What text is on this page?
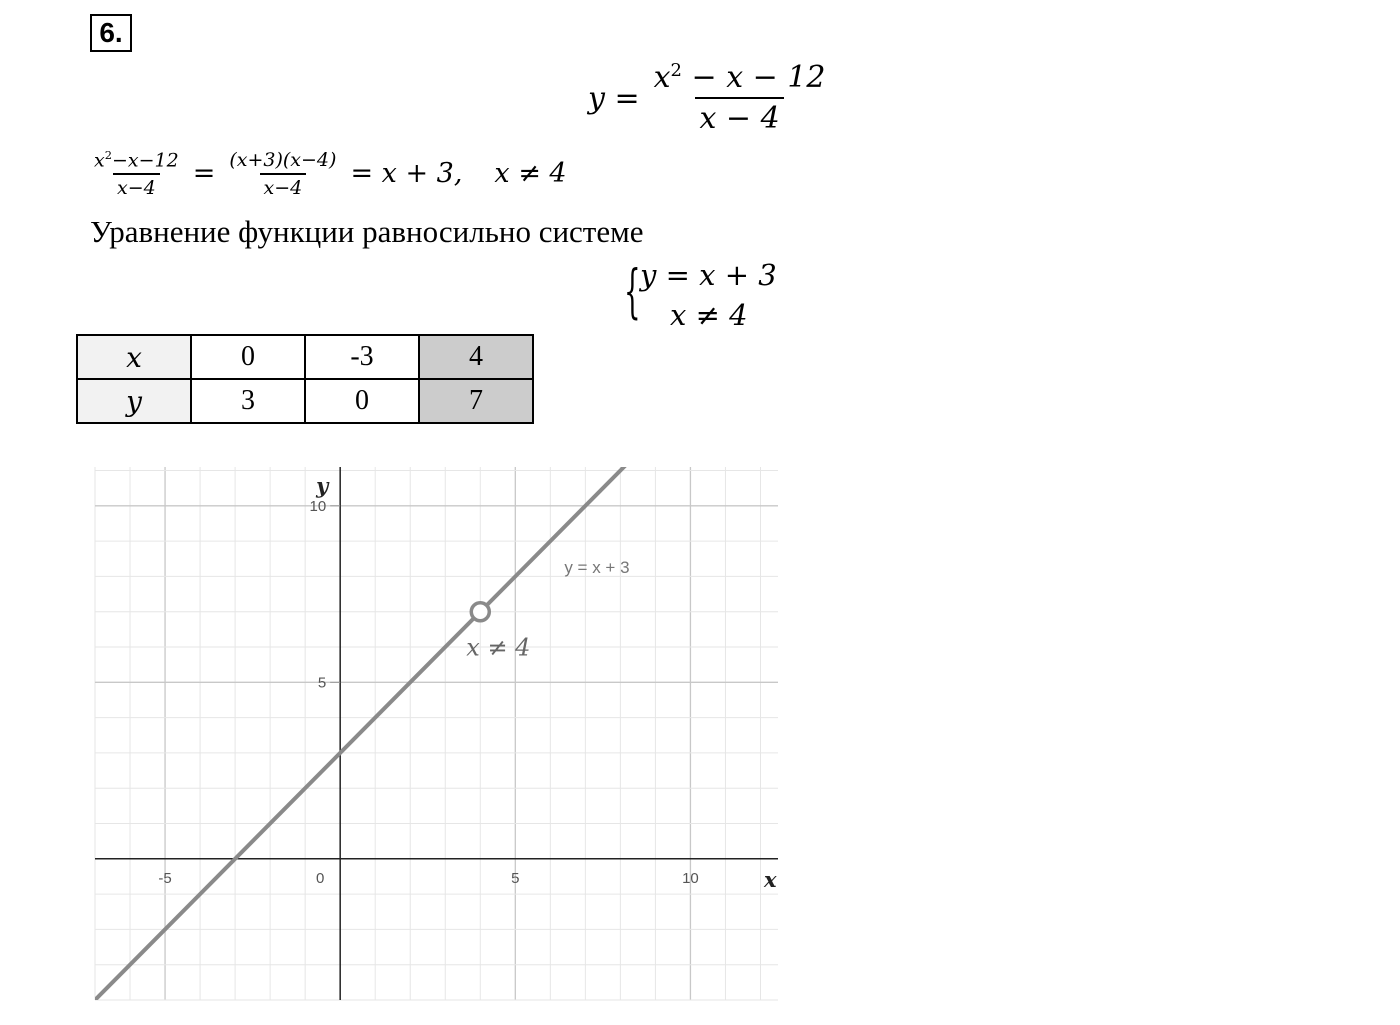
6.
$y = \frac{x^2 - x - 12}{x - 4}$
$\frac{x^2-x-12}{x-4} = \frac{(x+3)(x-4)}{x-4} = x + 3$, x ≠ 4
Уравнение функции равносильно системе
{ y = x + 3
x ≠ 4
x	0	-3	4
y	3	0	7
-5	0	5	10
5
10
x
y
x ≠ 4
y = x + 3
